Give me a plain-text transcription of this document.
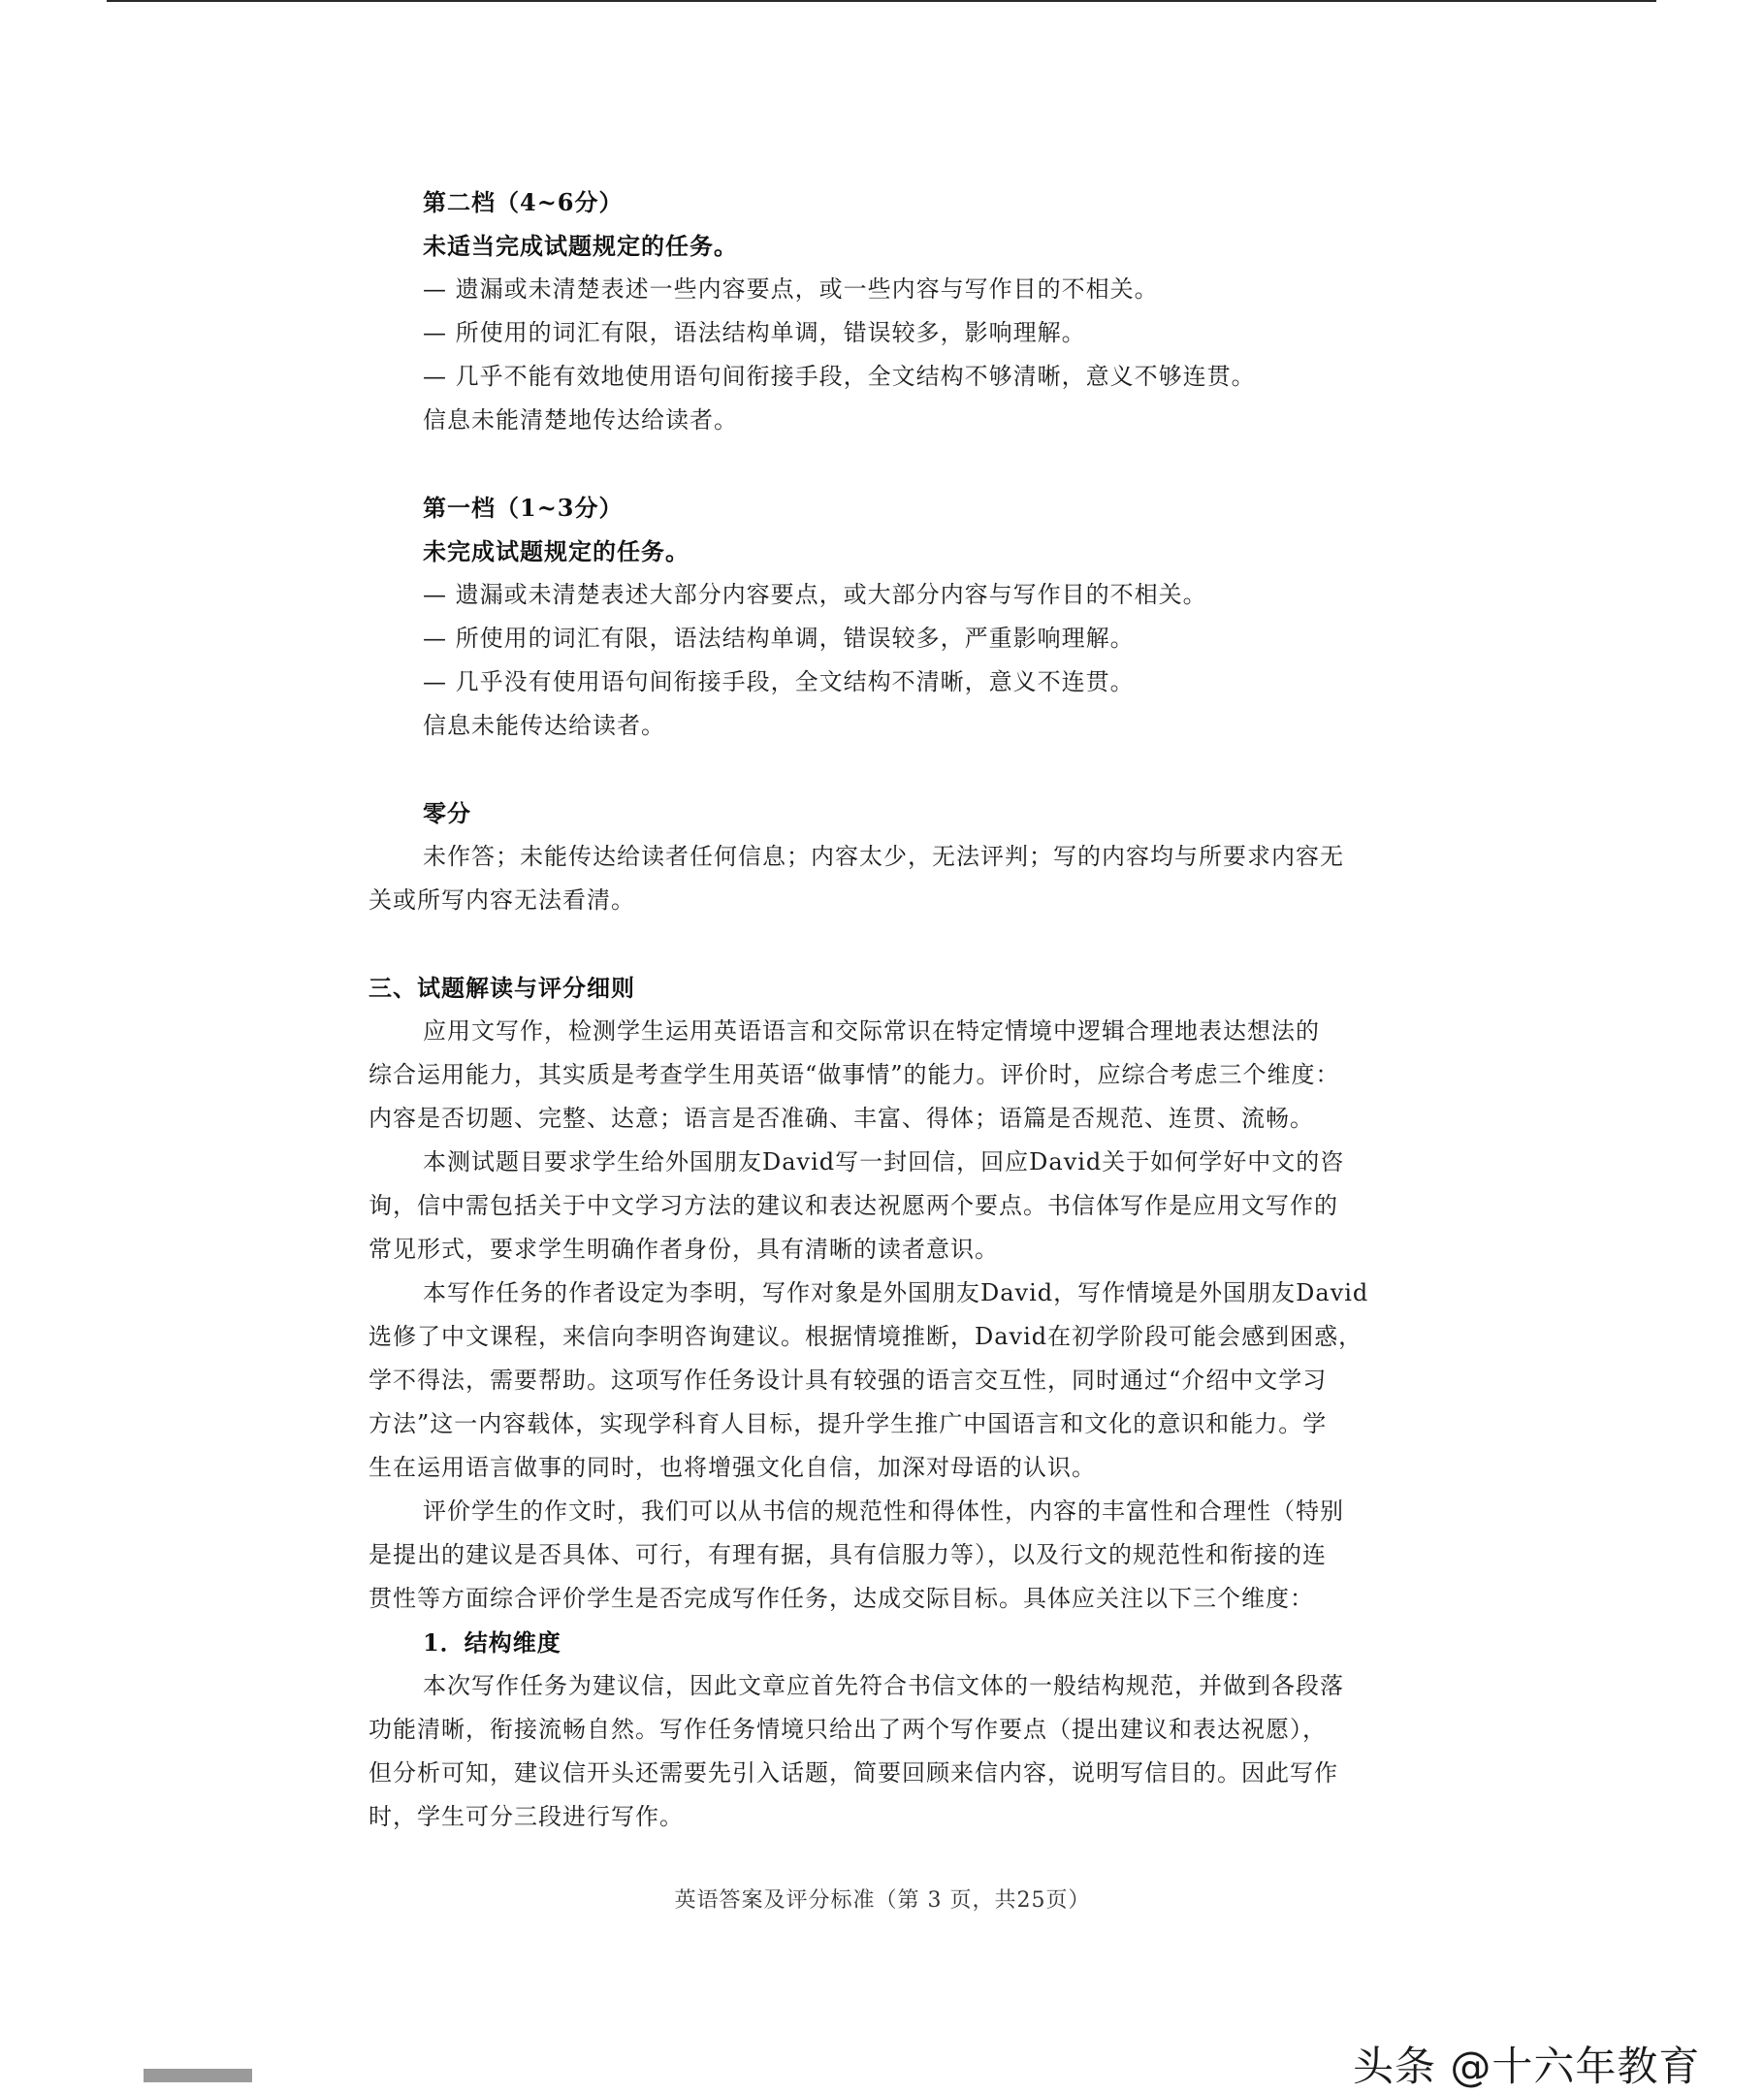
第二档（4~6分）
未适当完成试题规定的任务。
— 遗漏或未清楚表述一些内容要点，或一些内容与写作目的不相关。
— 所使用的词汇有限，语法结构单调，错误较多，影响理解。
— 几乎不能有效地使用语句间衔接手段，全文结构不够清晰，意义不够连贯。
信息未能清楚地传达给读者。
第一档（1~3分）
未完成试题规定的任务。
— 遗漏或未清楚表述大部分内容要点，或大部分内容与写作目的不相关。
— 所使用的词汇有限，语法结构单调，错误较多，严重影响理解。
— 几乎没有使用语句间衔接手段，全文结构不清晰，意义不连贯。
信息未能传达给读者。
零分
未作答；未能传达给读者任何信息；内容太少，无法评判；写的内容均与所要求内容无
关或所写内容无法看清。
三、试题解读与评分细则
应用文写作，检测学生运用英语语言和交际常识在特定情境中逻辑合理地表达想法的
综合运用能力，其实质是考查学生用英语“做事情”的能力。评价时，应综合考虑三个维度：
内容是否切题、完整、达意；语言是否准确、丰富、得体；语篇是否规范、连贯、流畅。
本测试题目要求学生给外国朋友David写一封回信，回应David关于如何学好中文的咨
询，信中需包括关于中文学习方法的建议和表达祝愿两个要点。书信体写作是应用文写作的
常见形式，要求学生明确作者身份，具有清晰的读者意识。
本写作任务的作者设定为李明，写作对象是外国朋友David，写作情境是外国朋友David
选修了中文课程，来信向李明咨询建议。根据情境推断，David在初学阶段可能会感到困惑，
学不得法，需要帮助。这项写作任务设计具有较强的语言交互性，同时通过“介绍中文学习
方法”这一内容载体，实现学科育人目标，提升学生推广中国语言和文化的意识和能力。学
生在运用语言做事的同时，也将增强文化自信，加深对母语的认识。
评价学生的作文时，我们可以从书信的规范性和得体性，内容的丰富性和合理性（特别
是提出的建议是否具体、可行，有理有据，具有信服力等），以及行文的规范性和衔接的连
贯性等方面综合评价学生是否完成写作任务，达成交际目标。具体应关注以下三个维度：
1．结构维度
本次写作任务为建议信，因此文章应首先符合书信文体的一般结构规范，并做到各段落
功能清晰，衔接流畅自然。写作任务情境只给出了两个写作要点（提出建议和表达祝愿），
但分析可知，建议信开头还需要先引入话题，简要回顾来信内容，说明写信目的。因此写作
时，学生可分三段进行写作。
英语答案及评分标准（第 3 页，共25页）
头条 @十六年教育
